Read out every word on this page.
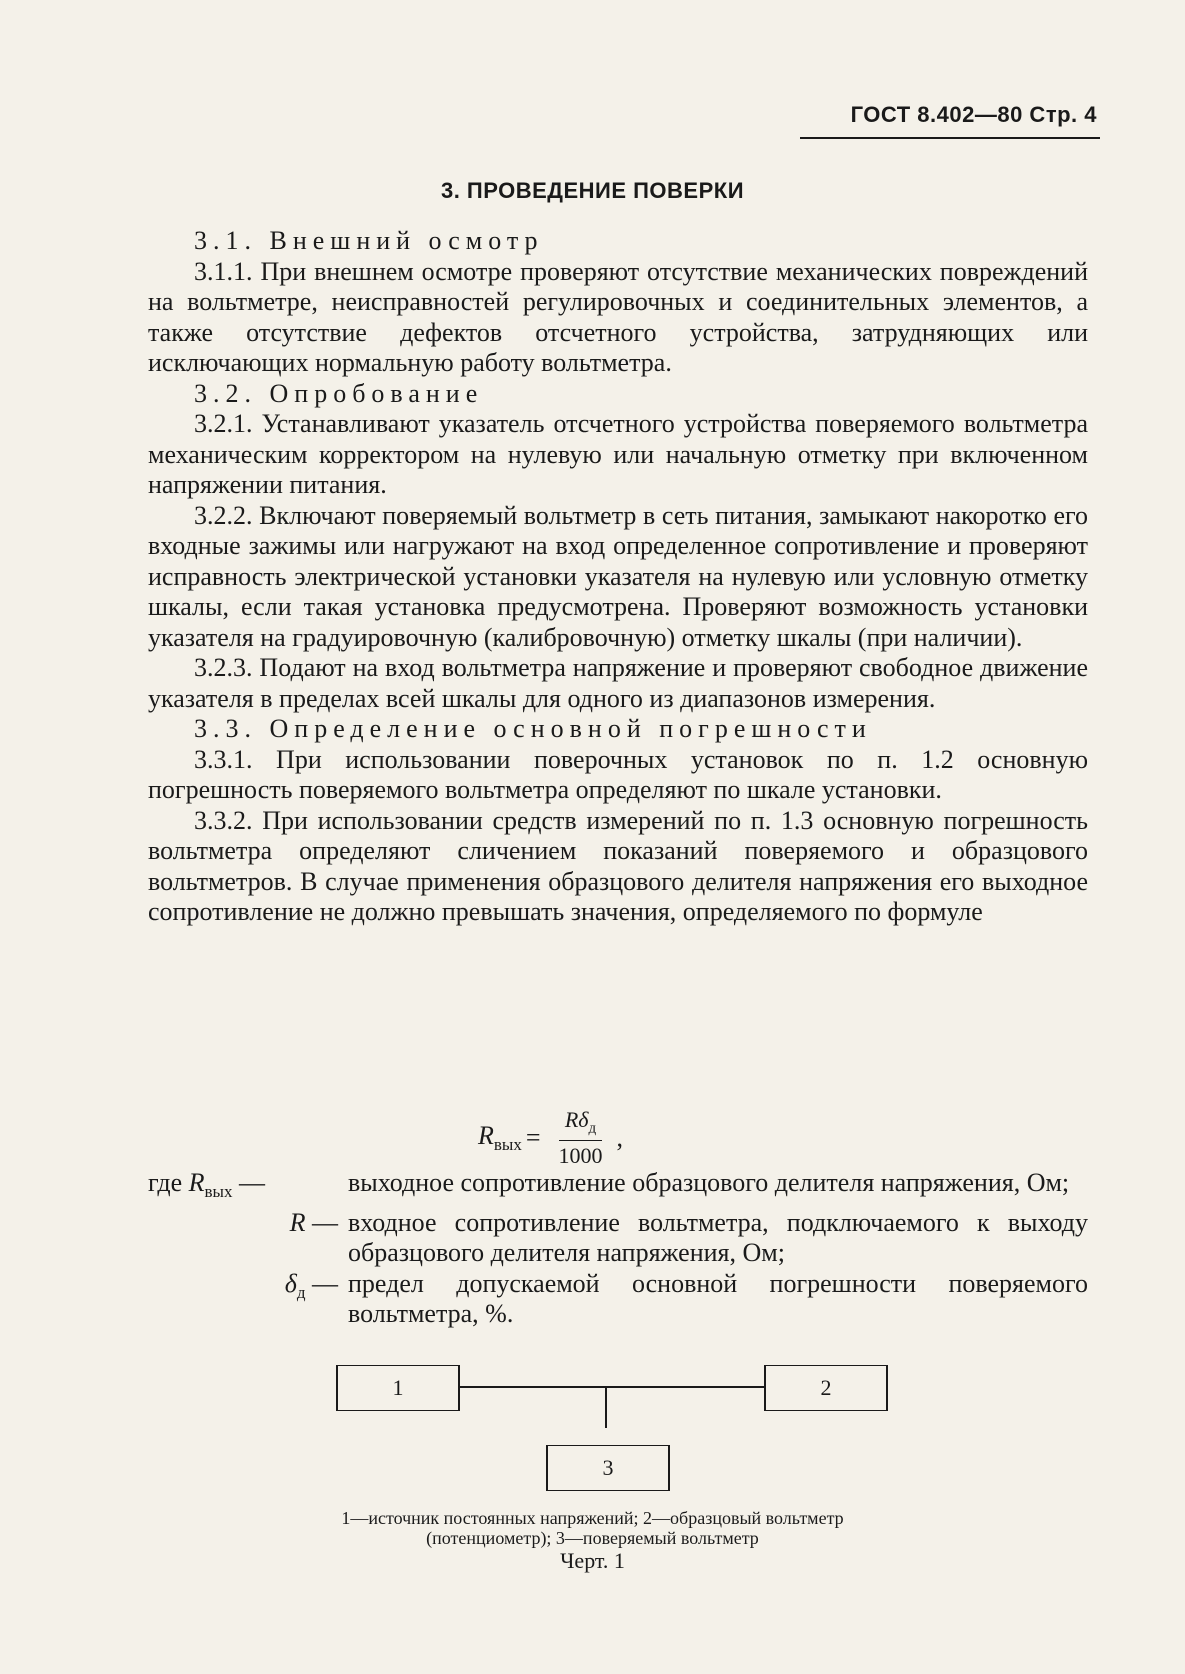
ГОСТ 8.402—80 Стр. 4
3. ПРОВЕДЕНИЕ ПОВЕРКИ

3.1. Внешний осмотр

3.1.1. При внешнем осмотре проверяют отсутствие механических повреждений на вольтметре, неисправностей регулировочных и соединительных элементов, а также отсутствие дефектов отсчетного устройства, затрудняющих или исключающих нормальную работу вольтметра.

3.2. Опробование

3.2.1. Устанавливают указатель отсчетного устройства поверяемого вольтметра механическим корректором на нулевую или начальную отметку при включенном напряжении питания.

3.2.2. Включают поверяемый вольтметр в сеть питания, замыкают накоротко его входные зажимы или нагружают на вход определенное сопротивление и проверяют исправность электрической установки указателя на нулевую или условную отметку шкалы, если такая установка предусмотрена. Проверяют возможность установки указателя на градуировочную (калибровочную) отметку шкалы (при наличии).

3.2.3. Подают на вход вольтметра напряжение и проверяют свободное движение указателя в пределах всей шкалы для одного из диапазонов измерения.

3.3. Определение основной погрешности

3.3.1. При использовании поверочных установок по п. 1.2 основную погрешность поверяемого вольтметра определяют по шкале установки.

3.3.2. При использовании средств измерений по п. 1.3 основную погрешность вольтметра определяют сличением показаний поверяемого и образцового вольтметров. В случае применения образцового делителя напряжения его выходное сопротивление не должно превышать значения, определяемого по формуле

$R_{вых} = \frac{R\delta_д}{1000}$ ,
где $R_{вых}$ —	выходное сопротивление образцового делителя напряжения, Ом;
R — входное сопротивление вольтметра, подключаемого к выходу образцового делителя напряжения, Ом;
$\delta_д$ — предел допускаемой основной погрешности поверяемого вольтметра, %.
1	2
3
1—источник постоянных напряжений; 2—образцовый вольтметр
(потенциометр); 3—поверяемый вольтметр
Черт. 1
